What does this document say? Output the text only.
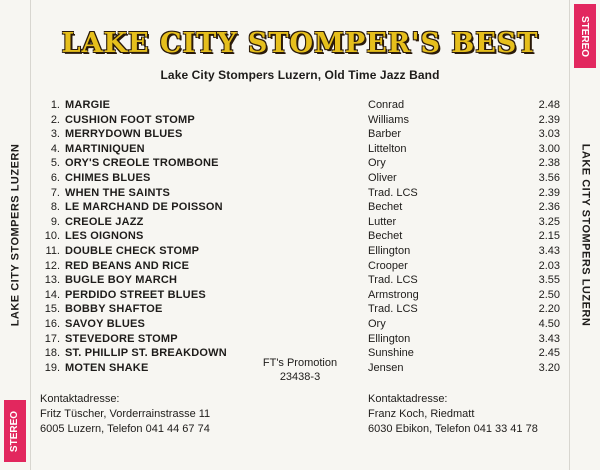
LAKE CITY STOMPERS LUZERN
STEREO
LAKE CITY STOMPERS LUZERN
STEREO
LAKE CITY STOMPER'S BEST
Lake City Stompers Luzern, Old Time Jazz Band
1. MARGIE	Conrad	2.48
2. CUSHION FOOT STOMP	Williams	2.39
3. MERRYDOWN BLUES	Barber	3.03
4. MARTINIQUEN	Littelton	3.00
5. ORY'S CREOLE TROMBONE	Ory	2.38
6. CHIMES BLUES	Oliver	3.56
7. WHEN THE SAINTS	Trad. LCS	2.39
8. LE MARCHAND DE POISSON	Bechet	2.36
9. CREOLE JAZZ	Lutter	3.25
10. LES OIGNONS	Bechet	2.15
11. DOUBLE CHECK STOMP	Ellington	3.43
12. RED BEANS AND RICE	Crooper	2.03
13. BUGLE BOY MARCH	Trad. LCS	3.55
14. PERDIDO STREET BLUES	Armstrong	2.50
15. BOBBY SHAFTOE	Trad. LCS	2.20
16. SAVOY BLUES	Ory	4.50
17. STEVEDORE STOMP	Ellington	3.43
18. ST. PHILLIP ST. BREAKDOWN	Sunshine	2.45
19. MOTEN SHAKE	Jensen	3.20
FT's Promotion
23438-3
Kontaktadresse:
Fritz Tüscher, Vorderrainstrasse 11
6005 Luzern, Telefon 041 44 67 74
Kontaktadresse:
Franz Koch, Riedmatt
6030 Ebikon, Telefon 041 33 41 78
